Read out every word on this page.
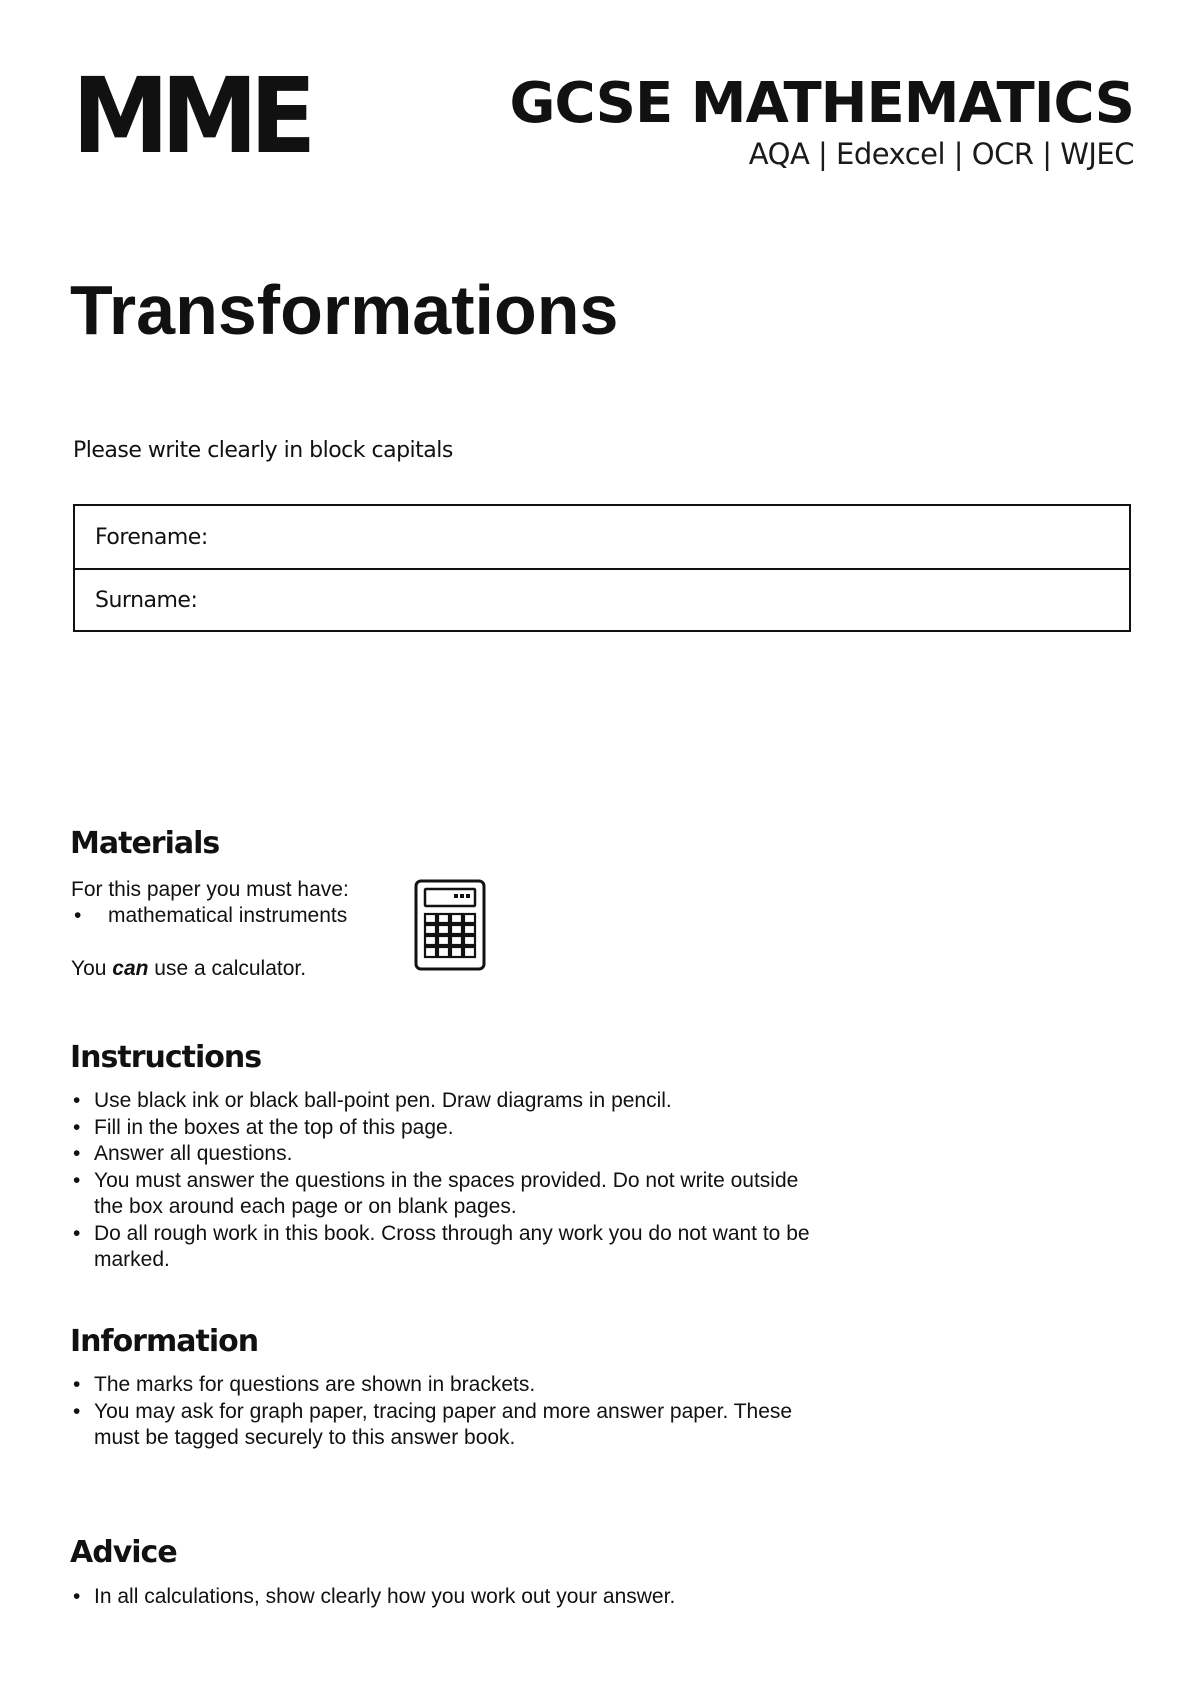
MME	GCSE MATHEMATICS
AQA | Edexcel | OCR | WJEC
Transformations
Please write clearly in block capitals
Forename:
Surname:
Materials
For this paper you must have:
• mathematical instruments
You can use a calculator.
Instructions
• Use black ink or black ball-point pen. Draw diagrams in pencil.
• Fill in the boxes at the top of this page.
• Answer all questions.
• You must answer the questions in the spaces provided. Do not write outside the box around each page or on blank pages.
• Do all rough work in this book. Cross through any work you do not want to be marked.
Information
• The marks for questions are shown in brackets.
• You may ask for graph paper, tracing paper and more answer paper. These must be tagged securely to this answer book.
Advice
• In all calculations, show clearly how you work out your answer.
